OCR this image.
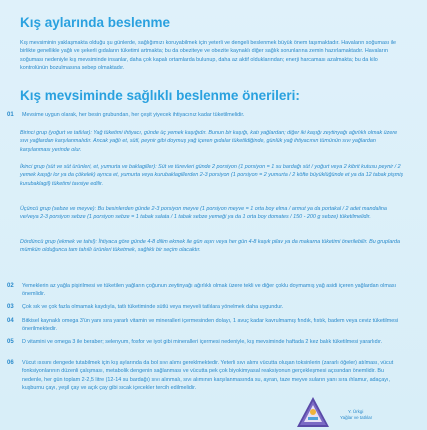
Kış aylarında beslenme

Kış mevsiminin yaklaşmakta olduğu şu günlerde, sağlığımızı koruyabilmek için yeterli ve dengeli beslenmek büyük önem taşımaktadır. Havaların soğuması ile birlikte genellikle yağlı ve şekerli gıdaların tüketimi artmakta; bu da obeziteye ve obezite kaynaklı diğer sağlık sorunlarına zemin hazırlamaktadır. Havaların soğuması nedeniyle kış mevsiminde insanlar, daha çok kapalı ortamlarda bulunup, daha az aktif olduklarından; enerji harcaması azalmakta; bu da kilo kontrolünün bozulmasına sebep olmaktadır.

Kış mevsiminde sağlıklı beslenme önerileri:
01 Mevsime uygun olarak, her besin grubundan, her çeşit yiyecek ihtiyacınız kadar tüketilmelidir.

Birinci grup (yoğurt ve tatlılar): Yağ tüketimi ihtiyacı, günde üç yemek kaşığıdır. Bunun bir kaşığı, katı yağlardan; diğer iki kaşığı zeytinyağı ağırlıklı olmak üzere sıvı yağlardan karşılanmalıdır. Ancak yağlı et, sütl, peynir gibi doymuş yağ içeren gıdalar tüketildiğinde, günlük yağ ihtiyacının tümünün sıvı yağlardan karşılanması yerinde olur.

İkinci grup (süt ve süt ürünleri, et, yumurta ve baklagiller): Süt ve türevleri günde 2 porsiyon (1 porsiyon = 1 su bardağı süt / yoğurt veya 2 kibrit kutusu peynir / 2 yemek kaşığı lor ya da çökelek) ayrıca et, yumurta veya kurubaklagillerden 2-3 porsiyon (1 porsiyon = 2 yumurta / 2 köfte büyüklüğünde et ya da 12 tabak pişmiş kurubaklagil) tüketimi tavsiye edilir.

Üçüncü grup (sebze ve meyve): Bu besinlerden günde 2-3 porsiyon meyve (1 porsiyon meyve = 1 orta boy elma / armut ya da portakal / 2 adet mandalina ve/veya 2-3 porsiyon sebze (1 porsiyon sebze = 1 tabak salata / 1 tabak sebze yemeği ya da 1 orta boy domates / 150 - 200 g sebze) tüketilmelidir.

Dördüncü grup (ekmek ve tahıl): İhtiyaca göre günde 4-8 dilim ekmek ile gün aşırı veya her gün 4-8 kaşık pilav ya da makarna tüketimi önerilebilir. Bu gruplarda mümkün olduğunca tam tahıllı ürünleri tüketmek, sağlıklı bir seçim olacaktır.

02 Yemeklerin az yağla pişirilmesi ve tüketilen yağların çoğunun zeytinyağı ağırlıklı olmak üzere tekli ve diğer çoklu doymamış yağ asidi içeren yağlardan olması önemlidir.

03 Çok sık ve çok fazla olmamak kaydıyla, tatlı tüketiminde sütlü veya meyveli tatlılara yönelmek daha uygundur.

04 Bitkisel kaynaklı omega 3'ün yanı sıra yararlı vitamin ve mineralleri içermesinden dolayı, 1 avuç kadar kavrulmamış fındık, fıstık, badem veya ceviz tüketilmesi önerilmektedir.

05 D vitamini ve omega 3 ile beraber; selenyum, fosfor ve iyot gibi mineralleri içermesi nedeniyle, kış mevsiminde haftada 2 kez balık tüketilmesi yararlıdır.

06 Vücut ısısını dengede tutabilmek için kış aylarında da bol sıvı alımı gereklmektedir. Yeterli sıvı alımı vücutta oluşan toksinlerin (zararlı öğeler) atılması, vücut fonksiyonlarının düzenli çalışması, metabolik dengenin sağlanması ve vücutta pek çok biyokimyasal reaksiyonun gerçekleşmesi açısından önemlidir. Bu nedenle, her gün toplam 2-2,5 litre (12-14 su bardağı) sıvı alınmalı, sıvı alımının karşılanmasında su, ayran, taze meyve suların yanı sıra ıhlamur, adaçayı, kuşburnu çayı, yeşil çay ve açık çay gibi sıcak içecekler tercih edilmelidir.

Y. Ürkgi
Yağlar ve tatlılar
